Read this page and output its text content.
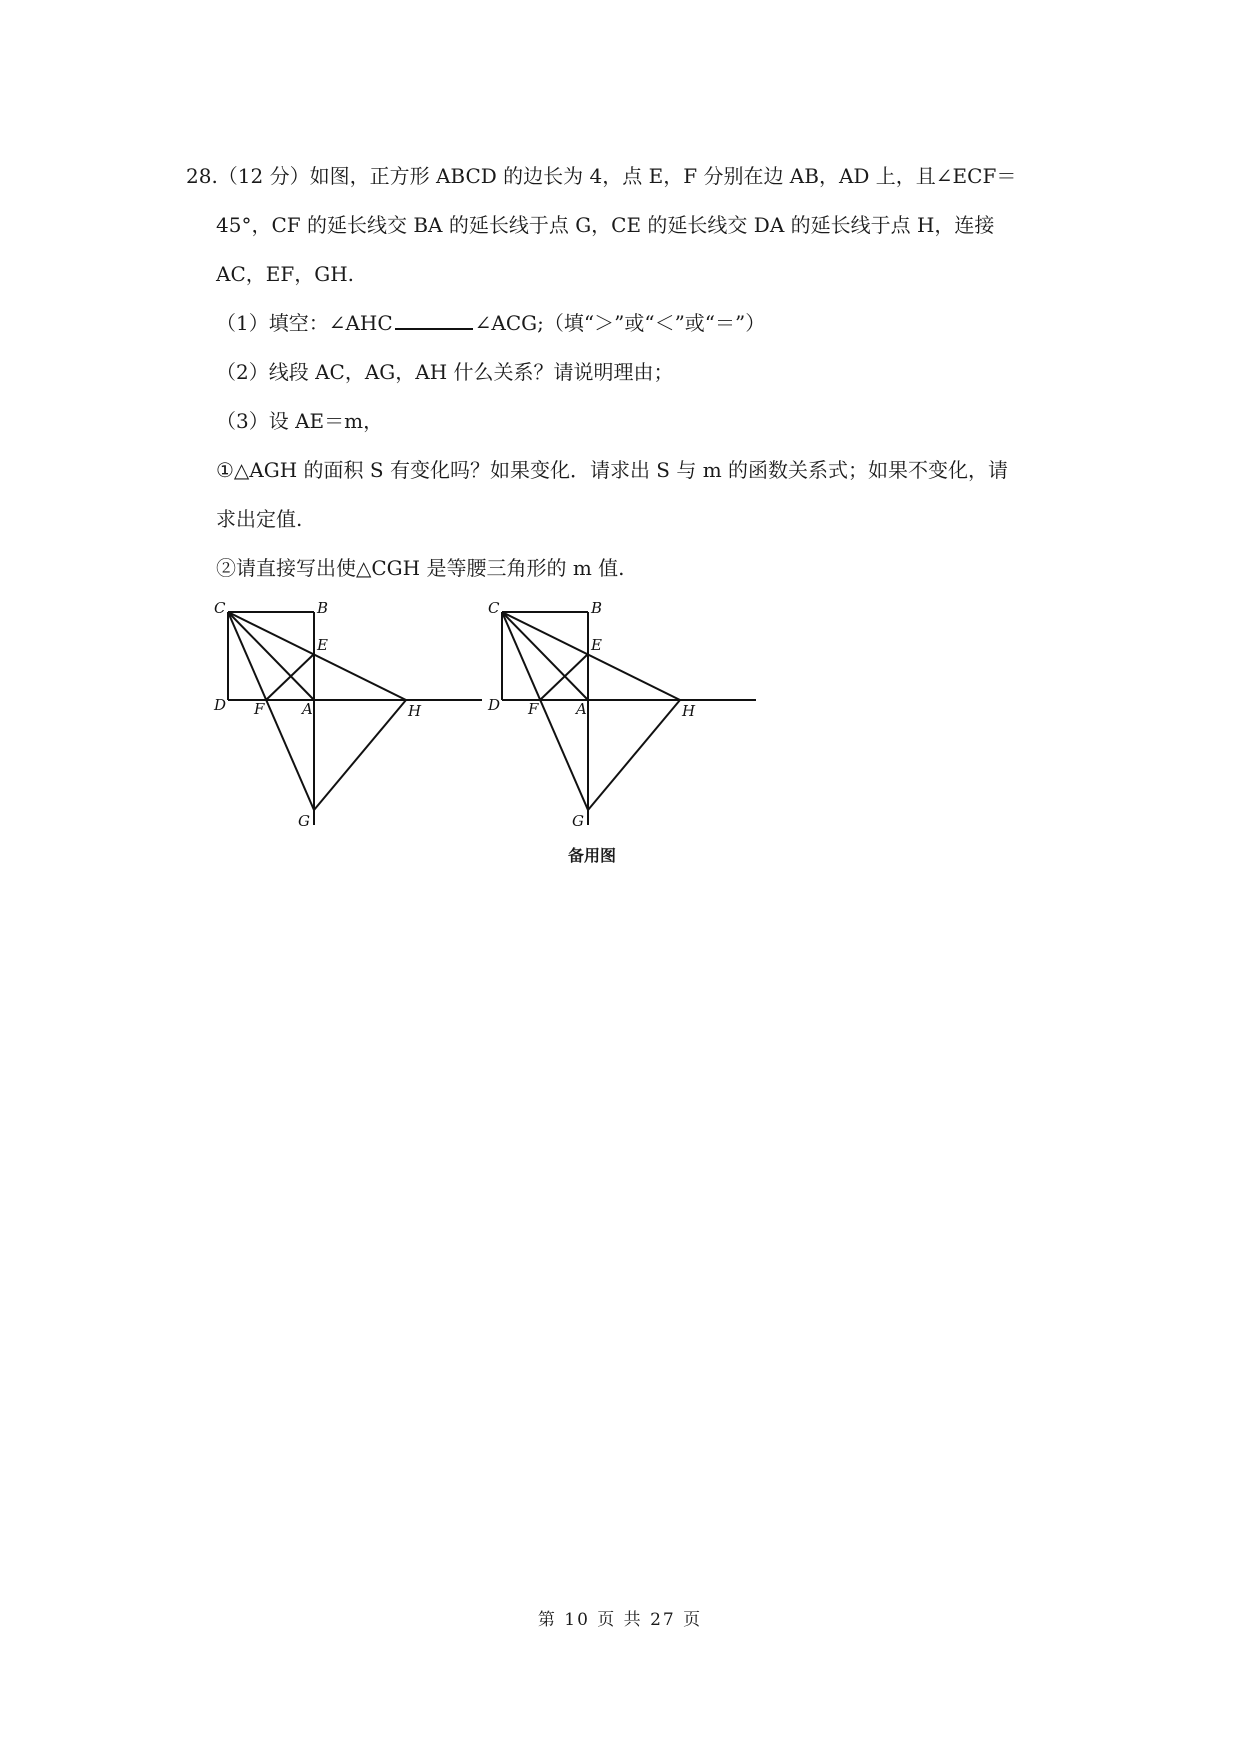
28.（12 分）如图，正方形 ABCD 的边长为 4，点 E，F 分别在边 AB，AD 上，且∠ECF＝
45°，CF 的延长线交 BA 的延长线于点 G，CE 的延长线交 DA 的延长线于点 H，连接
AC，EF，GH.
（1）填空：∠AHC	∠ACG;（填“＞”或“＜”或“＝”）
（2）线段 AC，AG，AH 什么关系？请说明理由；
（3）设 AE＝m，
①△AGH 的面积 S 有变化吗？如果变化．请求出 S 与 m 的函数关系式；如果不变化，请
求出定值.
②请直接写出使△CGH 是等腰三角形的 m 值.
C	B
E
D F	A	H
G
C	B
E
D F	A	H
G
备用图
第 10 页 共 27 页
